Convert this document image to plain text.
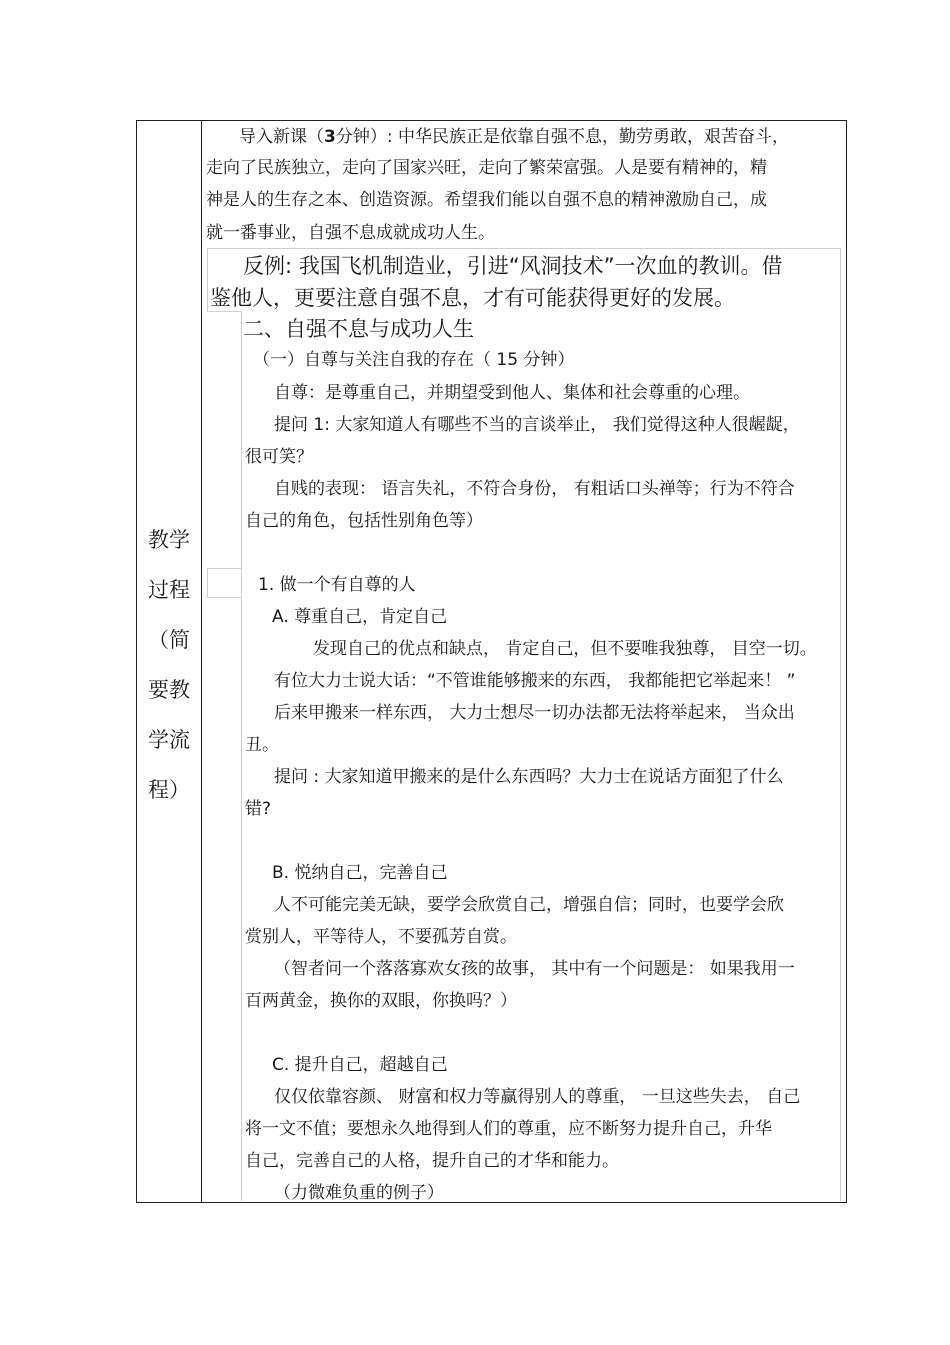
教学
过程
（简
要教
学流
程）
导入新课（3分钟）: 中华民族正是依靠自强不息，勤劳勇敢，艰苦奋斗，
走向了民族独立，走向了国家兴旺，走向了繁荣富强。人是要有精神的，精
神是人的生存之本、创造资源。希望我们能以自强不息的精神激励自己，成
就一番事业，自强不息成就成功人生。
反例: 我国飞机制造业，引进“风洞技术”一次血的教训。借
鉴他人，更要注意自强不息，才有可能获得更好的发展。
二、自强不息与成功人生
（一）自尊与关注自我的存在（ 15 分钟）
自尊：是尊重自己，并期望受到他人、集体和社会尊重的心理。
提问 1: 大家知道人有哪些不当的言谈举止， 我们觉得这种人很龌龊，
很可笑？
自贱的表现： 语言失礼，不符合身份， 有粗话口头禅等；行为不符合
自己的角色，包括性别角色等）
1. 做一个有自尊的人
A. 尊重自己，肯定自己
发现自己的优点和缺点， 肯定自己，但不要唯我独尊， 目空一切。
有位大力士说大话：“不管谁能够搬来的东西， 我都能把它举起来！ ”
后来甲搬来一样东西， 大力士想尽一切办法都无法将举起来， 当众出
丑。
提问 : 大家知道甲搬来的是什么东西吗？大力士在说话方面犯了什么
错?
B. 悦纳自己，完善自己
人不可能完美无缺，要学会欣赏自己，增强自信；同时，也要学会欣
赏别人，平等待人，不要孤芳自赏。
（智者问一个落落寡欢女孩的故事， 其中有一个问题是： 如果我用一
百两黄金，换你的双眼，你换吗？）
C. 提升自己，超越自己
仅仅依靠容颜、 财富和权力等赢得别人的尊重， 一旦这些失去， 自己
将一文不值；要想永久地得到人们的尊重，应不断努力提升自己，升华
自己，完善自己的人格，提升自己的才华和能力。
（力微难负重的例子）
